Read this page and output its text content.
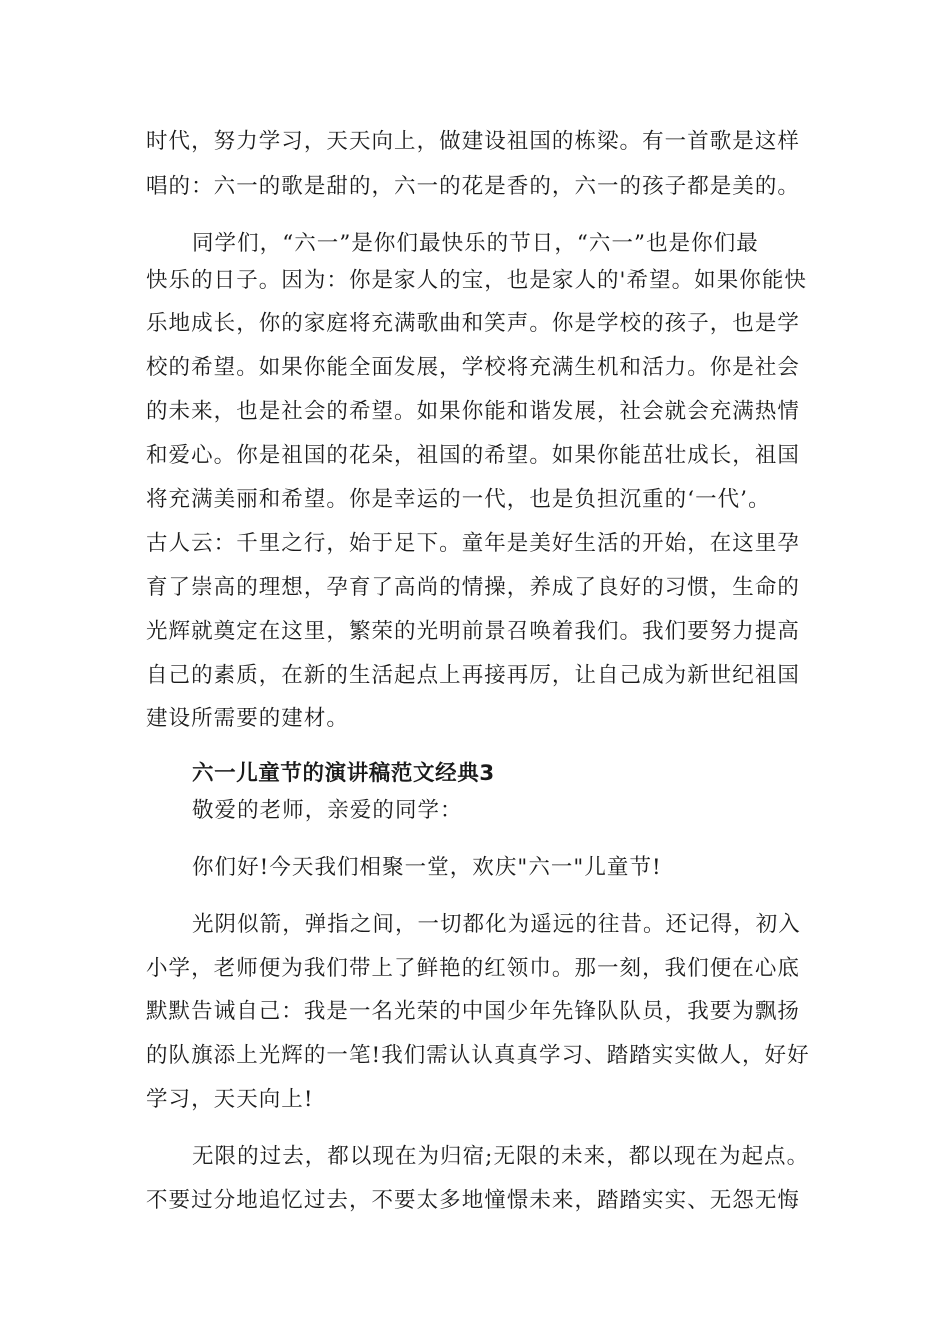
时代，努力学习，天天向上，做建设祖国的栋梁。有一首歌是这样
唱的：六一的歌是甜的，六一的花是香的，六一的孩子都是美的。
同学们，“六一”是你们最快乐的节日，“六一”也是你们最
快乐的日子。因为：你是家人的宝，也是家人的'希望。如果你能快
乐地成长，你的家庭将充满歌曲和笑声。你是学校的孩子，也是学
校的希望。如果你能全面发展，学校将充满生机和活力。你是社会
的未来，也是社会的希望。如果你能和谐发展，社会就会充满热情
和爱心。你是祖国的花朵，祖国的希望。如果你能茁壮成长，祖国
将充满美丽和希望。你是幸运的一代，也是负担沉重的‘一代’。
古人云：千里之行，始于足下。童年是美好生活的开始，在这里孕
育了崇高的理想，孕育了高尚的情操，养成了良好的习惯，生命的
光辉就奠定在这里，繁荣的光明前景召唤着我们。我们要努力提高
自己的素质，在新的生活起点上再接再厉，让自己成为新世纪祖国
建设所需要的建材。
六一儿童节的演讲稿范文经典3
敬爱的老师，亲爱的同学：
你们好!今天我们相聚一堂，欢庆"六一"儿童节!
光阴似箭，弹指之间，一切都化为遥远的往昔。还记得，初入
小学，老师便为我们带上了鲜艳的红领巾。那一刻，我们便在心底
默默告诫自己：我是一名光荣的中国少年先锋队队员，我要为飘扬
的队旗添上光辉的一笔!我们需认认真真学习、踏踏实实做人，好好
学习，天天向上!
无限的过去，都以现在为归宿;无限的未来，都以现在为起点。
不要过分地追忆过去，不要太多地憧憬未来，踏踏实实、无怨无悔
